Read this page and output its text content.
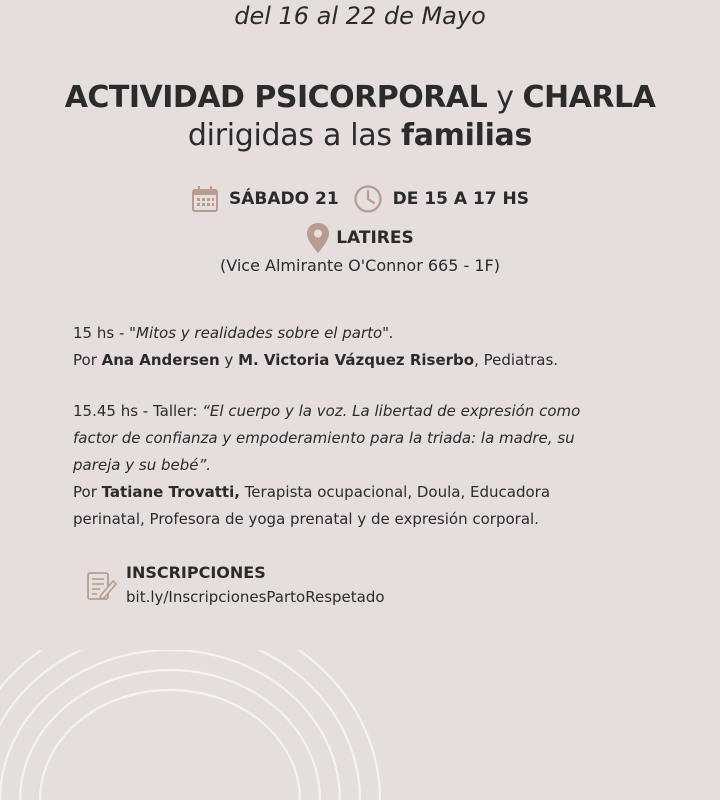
del 16 al 22 de Mayo
ACTIVIDAD PSICORPORAL y CHARLA
dirigidas a las familias
SÁBADO 21	DE 15 A 17 HS
LATIRES
(Vice Almirante O'Connor 665 - 1F)
15 hs - "Mitos y realidades sobre el parto".
Por Ana Andersen y M. Victoria Vázquez Riserbo, Pediatras.
15.45 hs - Taller: “El cuerpo y la voz. La libertad de expresión como
factor de confianza y empoderamiento para la triada: la madre, su
pareja y su bebé”.
Por Tatiane Trovatti, Terapista ocupacional, Doula, Educadora
perinatal, Profesora de yoga prenatal y de expresión corporal.
INSCRIPCIONES
bit.ly/InscripcionesPartoRespetado
